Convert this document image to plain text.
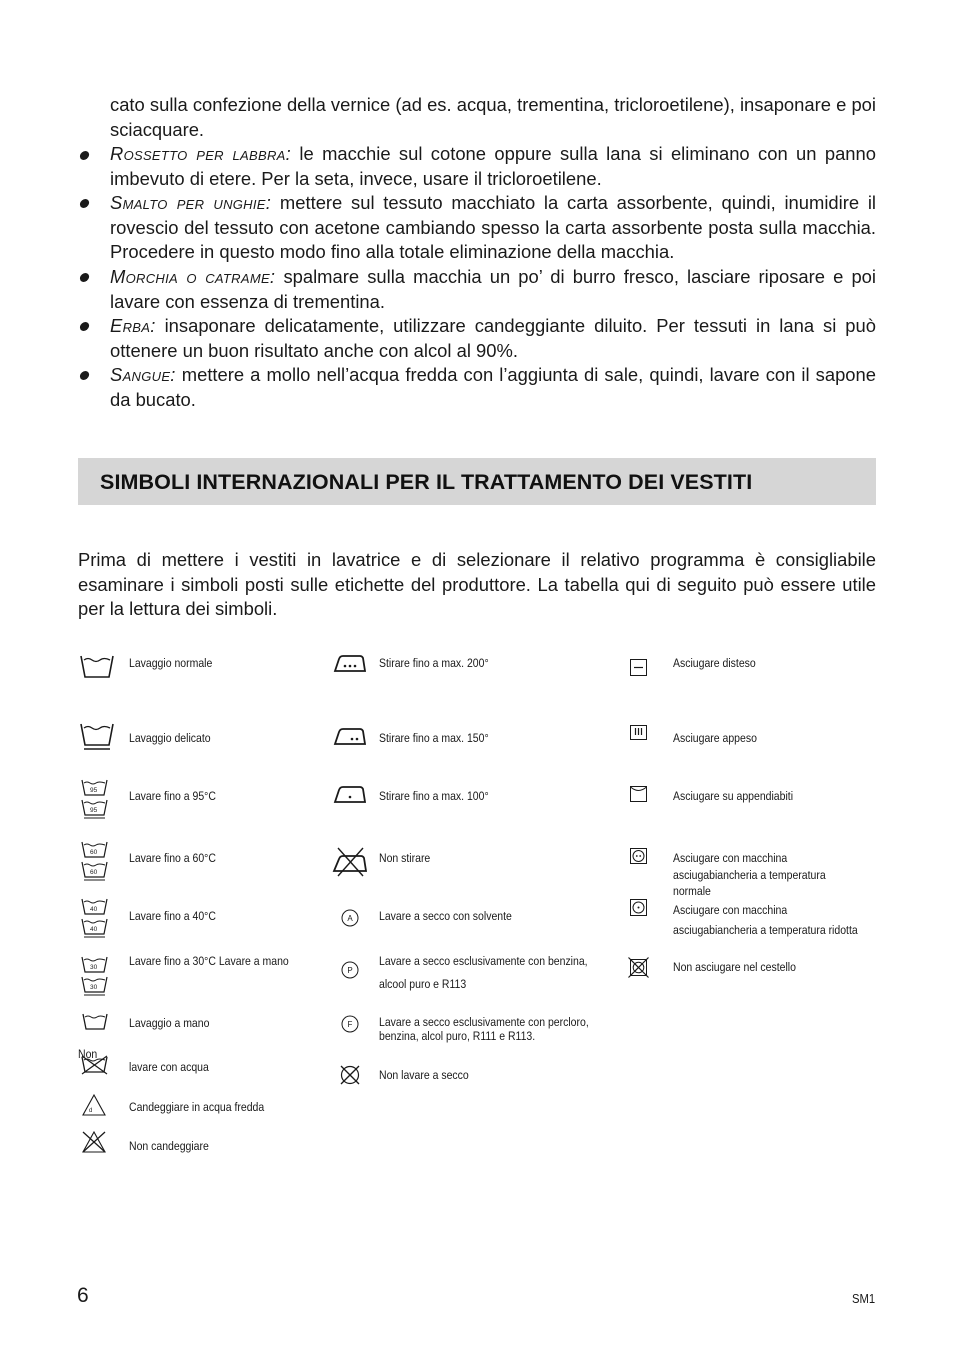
cato sulla confezione della vernice (ad es. acqua, trementina, tricloroetilene), insaponare e poi sciacquare.
Rossetto per labbra: le macchie sul cotone oppure sulla lana si eliminano con un panno imbevuto di etere. Per la seta, invece, usare il tricloroetilene.
Smalto per unghie: mettere sul tessuto macchiato la carta assorbente, quindi, inumidire il rovescio del tessuto con acetone cambiando spesso la carta assorbente posta sulla macchia. Procedere in questo modo fino alla totale eliminazione della macchia.
Morchia o catrame: spalmare sulla macchia un po’ di burro fresco, lasciare riposare e poi lavare con essenza di trementina.
Erba: insaponare delicatamente, utilizzare candeggiante diluito. Per tessuti in lana si può ottenere un buon risultato anche con alcol al 90%.
Sangue: mettere a mollo nell’acqua fredda con l’aggiunta di sale, quindi, lavare con il sapone da bucato.
SIMBOLI INTERNAZIONALI PER IL TRATTAMENTO DEI VESTITI
Prima di mettere i vestiti in lavatrice e di selezionare il relativo programma è consigliabile esaminare i simboli posti sulle etichette del produttore. La tabella qui di seguito può essere utile per la lettura dei simboli.
Lavaggio normale
Lavaggio delicato
95
95
Lavare fino a 95°C
60
60
Lavare fino a 60°C
40
40
Lavare fino a 40°C
30
30
Lavare fino a 30°C Lavare a mano
Lavaggio a mano
Non
lavare con acqua
d	Candeggiare in acqua fredda
Non candeggiare
Stirare fino a max. 200°
Stirare fino a max. 150°
Stirare fino a max. 100°
Non stirare
A Lavare a secco con solvente
P
Lavare a secco esclusivamente con benzina,
alcool puro e R113
F Lavare a secco esclusivamente con percloro,
benzina, alcol puro, R111 e R113.
Non lavare a secco
Asciugare disteso
Asciugare appeso
Asciugare su appendiabiti
Asciugare con macchina
asciugabiancheria a temperatura
normale
Asciugare con macchina
asciugabiancheria a temperatura ridotta
Non asciugare nel cestello
6	SM1
